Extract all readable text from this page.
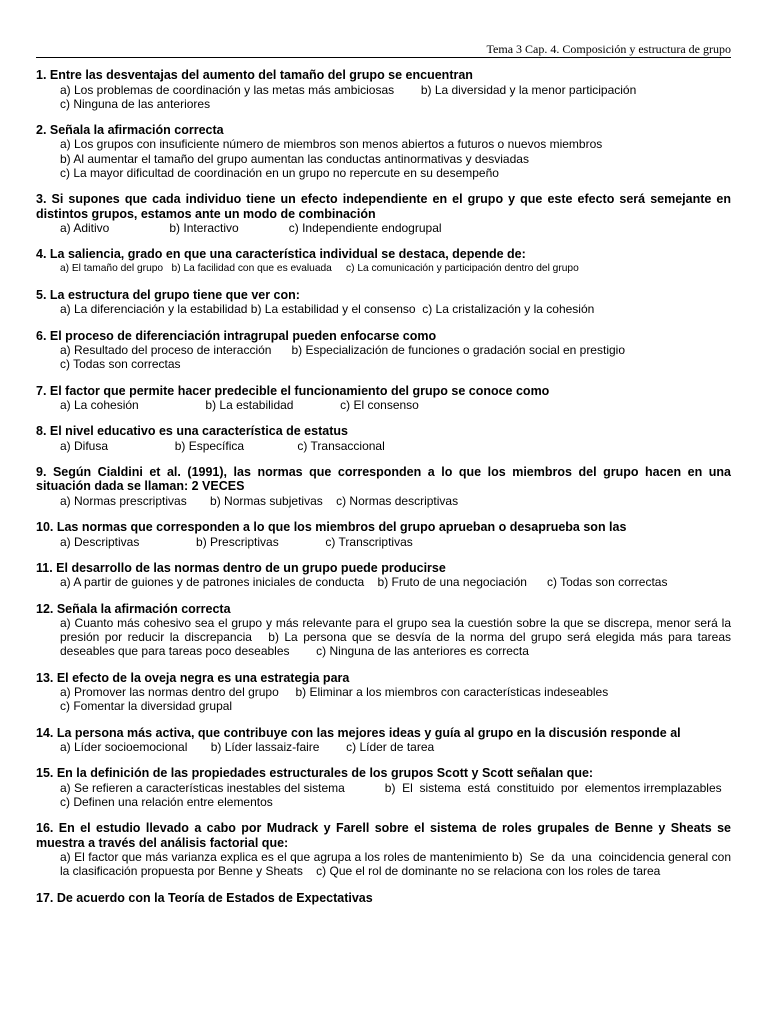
Tema 3 Cap. 4. Composición y estructura de grupo
1. Entre las desventajas del aumento del tamaño del grupo se encuentran
a) Los problemas de coordinación y las metas más ambiciosas        b) La diversidad y la menor participación
c) Ninguna de las anteriores
2. Señala la afirmación correcta
a) Los grupos con insuficiente número de miembros son menos abiertos a futuros o nuevos miembros
b) Al aumentar el tamaño del grupo aumentan las conductas antinormativas y desviadas
c) La mayor dificultad de coordinación en un grupo no repercute en su desempeño
3. Si supones que cada individuo tiene un efecto independiente en el grupo y que este efecto será semejante en distintos grupos, estamos ante un modo de combinación
a) Aditivo                  b) Interactivo               c) Independiente endogrupal
4. La saliencia, grado en que una característica individual se destaca, depende de:
a) El tamaño del grupo   b) La facilidad con que es evaluada     c) La comunicación y participación dentro del grupo
5. La estructura del grupo tiene que ver con:
a) La diferenciación y la estabilidad b) La estabilidad y el consenso  c) La cristalización y la cohesión
6. El proceso de diferenciación intragrupal pueden enfocarse como
a) Resultado del proceso de interacción      b) Especialización de funciones o gradación social en prestigio
c) Todas son correctas
7. El factor que permite hacer predecible el funcionamiento del grupo se conoce como
a) La cohesión                    b) La estabilidad              c) El consenso
8. El nivel educativo es una característica de estatus
a) Difusa                    b) Específica                c) Transaccional
9. Según Cialdini et al. (1991), las normas que corresponden a lo que los miembros del grupo hacen en una situación dada se llaman: 2 VECES
a) Normas prescriptivas       b) Normas subjetivas    c) Normas descriptivas
10. Las normas que corresponden a lo que los miembros del grupo aprueban o desaprueba son las
a) Descriptivas                 b) Prescriptivas              c) Transcriptivas
11. El desarrollo de las normas dentro de un grupo puede producirse
a) A partir de guiones y de patrones iniciales de conducta    b) Fruto de una negociación      c) Todas son correctas
12. Señala la afirmación correcta
a) Cuanto más cohesivo sea el grupo y más relevante para el grupo sea la cuestión sobre la que se discrepa, menor será la presión por reducir la discrepancia   b) La persona que se desvía de la norma del grupo será elegida más para tareas deseables que para tareas poco deseables        c) Ninguna de las anteriores es correcta
13. El efecto de la oveja negra es una estrategia para
a) Promover las normas dentro del grupo     b) Eliminar a los miembros con características indeseables
c) Fomentar la diversidad grupal
14. La persona más activa, que contribuye con las mejores ideas y guía al grupo en la discusión responde al
a) Líder socioemocional       b) Líder lassaiz-faire        c) Líder de tarea
15. En la definición de las propiedades estructurales de los grupos Scott y Scott señalan que:
a) Se refieren a características inestables del sistema            b)  El  sistema  está  constituido  por  elementos irremplazables
c) Definen una relación entre elementos
16. En el estudio llevado a cabo por Mudrack y Farell sobre el sistema de roles grupales de Benne y Sheats se muestra a través del análisis factorial que:
a) El factor que más varianza explica es el que agrupa a los roles de mantenimiento b)  Se  da  una  coincidencia general con la clasificación propuesta por Benne y Sheats    c) Que el rol de dominante no se relaciona con los roles de tarea
17. De acuerdo con la Teoría de Estados de Expectativas
